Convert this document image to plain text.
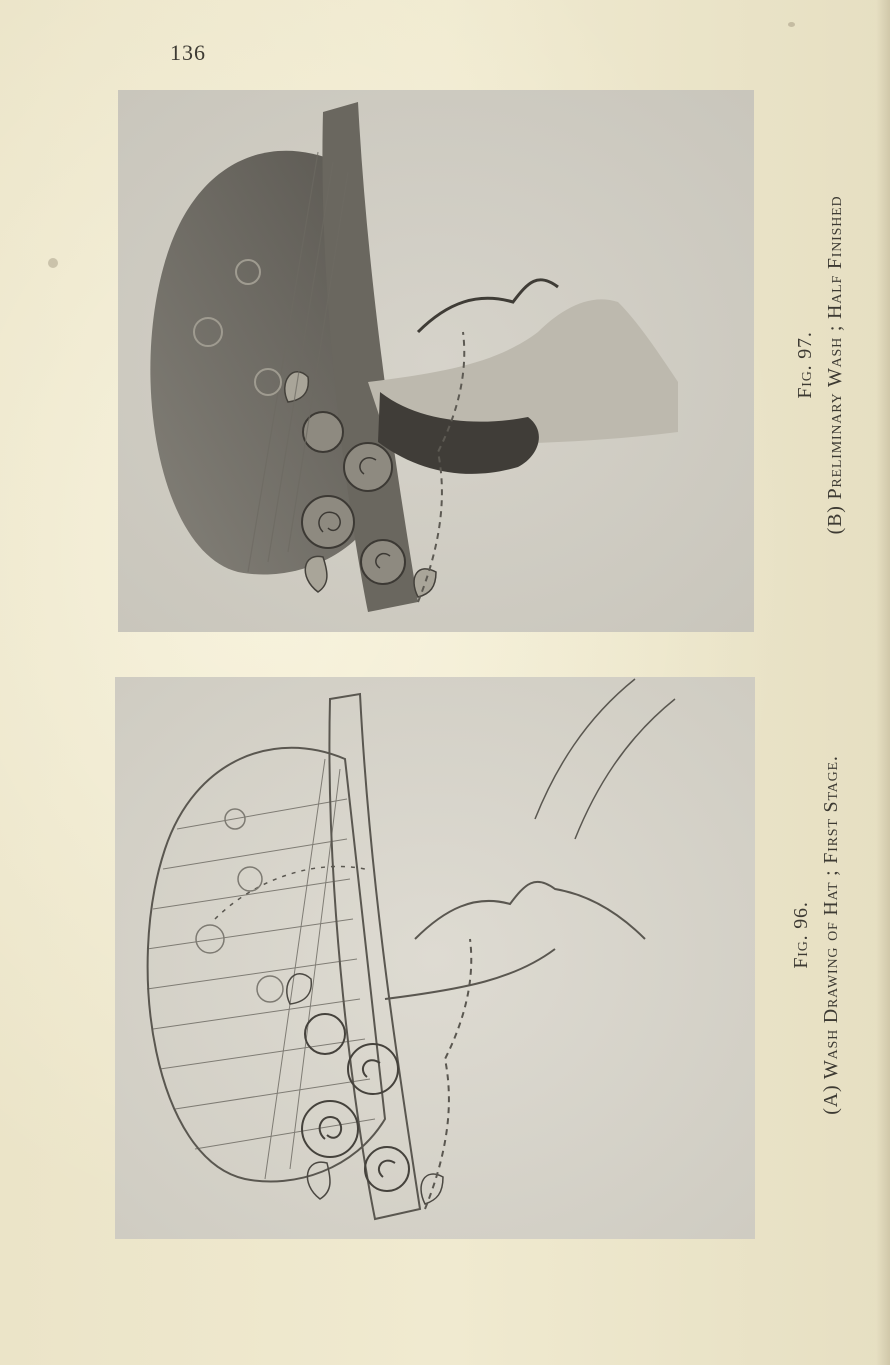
136
Fig. 97. (B) Preliminary Wash ; Half Finished
Fig. 96. (A) Wash Drawing of Hat ; First Stage.
